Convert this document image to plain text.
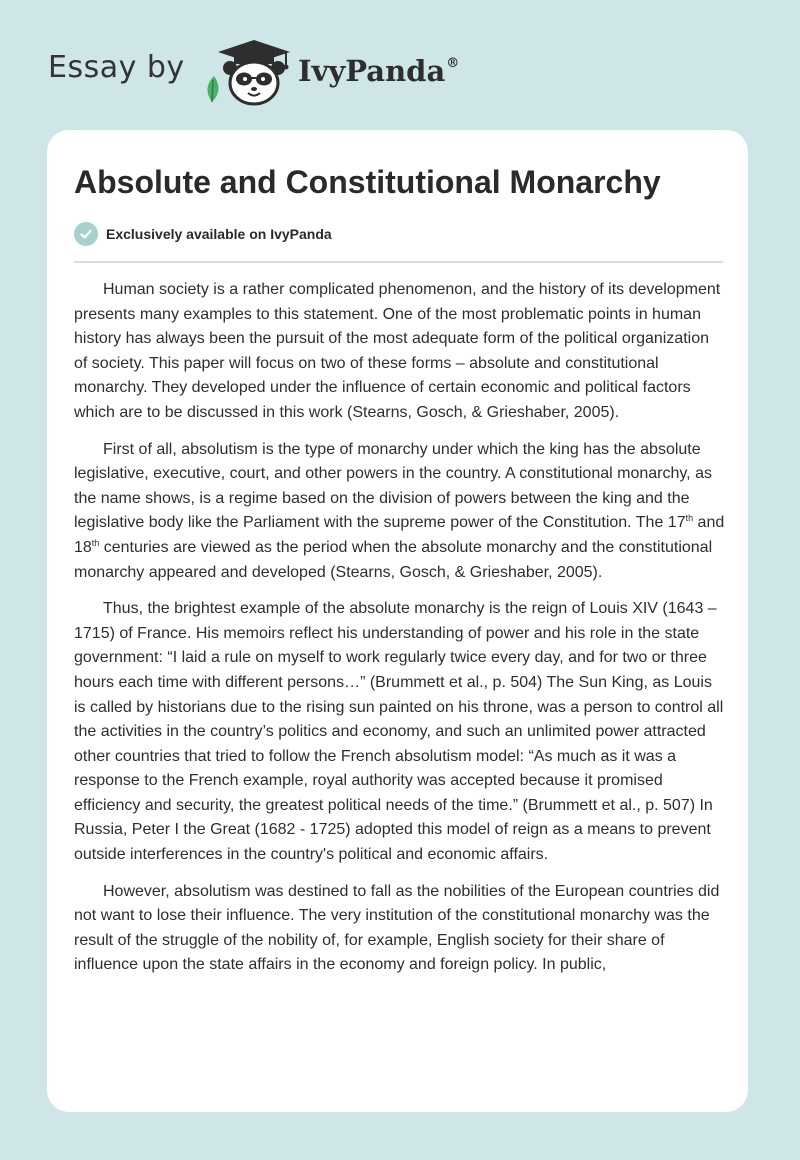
Essay by	IvyPanda®
Absolute and Constitutional Monarchy
Exclusively available on IvyPanda

Human society is a rather complicated phenomenon, and the history of its development presents many examples to this statement. One of the most problematic points in human history has always been the pursuit of the most adequate form of the political organization of society. This paper will focus on two of these forms – absolute and constitutional monarchy. They developed under the influence of certain economic and political factors which are to be discussed in this work (Stearns, Gosch, & Grieshaber, 2005).

First of all, absolutism is the type of monarchy under which the king has the absolute legislative, executive, court, and other powers in the country. A constitutional monarchy, as the name shows, is a regime based on the division of powers between the king and the legislative body like the Parliament with the supreme power of the Constitution. The 17th and 18th centuries are viewed as the period when the absolute monarchy and the constitutional monarchy appeared and developed (Stearns, Gosch, & Grieshaber, 2005).

Thus, the brightest example of the absolute monarchy is the reign of Louis XIV (1643 – 1715) of France. His memoirs reflect his understanding of power and his role in the state government: “I laid a rule on myself to work regularly twice every day, and for two or three hours each time with different persons…” (Brummett et al., p. 504) The Sun King, as Louis is called by historians due to the rising sun painted on his throne, was a person to control all the activities in the country’s politics and economy, and such an unlimited power attracted other countries that tried to follow the French absolutism model: “As much as it was a response to the French example, royal authority was accepted because it promised efficiency and security, the greatest political needs of the time.” (Brummett et al., p. 507) In Russia, Peter I the Great (1682 - 1725) adopted this model of reign as a means to prevent outside interferences in the country's political and economic affairs.

However, absolutism was destined to fall as the nobilities of the European countries did not want to lose their influence. The very institution of the constitutional monarchy was the result of the struggle of the nobility of, for example, English society for their share of influence upon the state affairs in the economy and foreign policy. In public,
